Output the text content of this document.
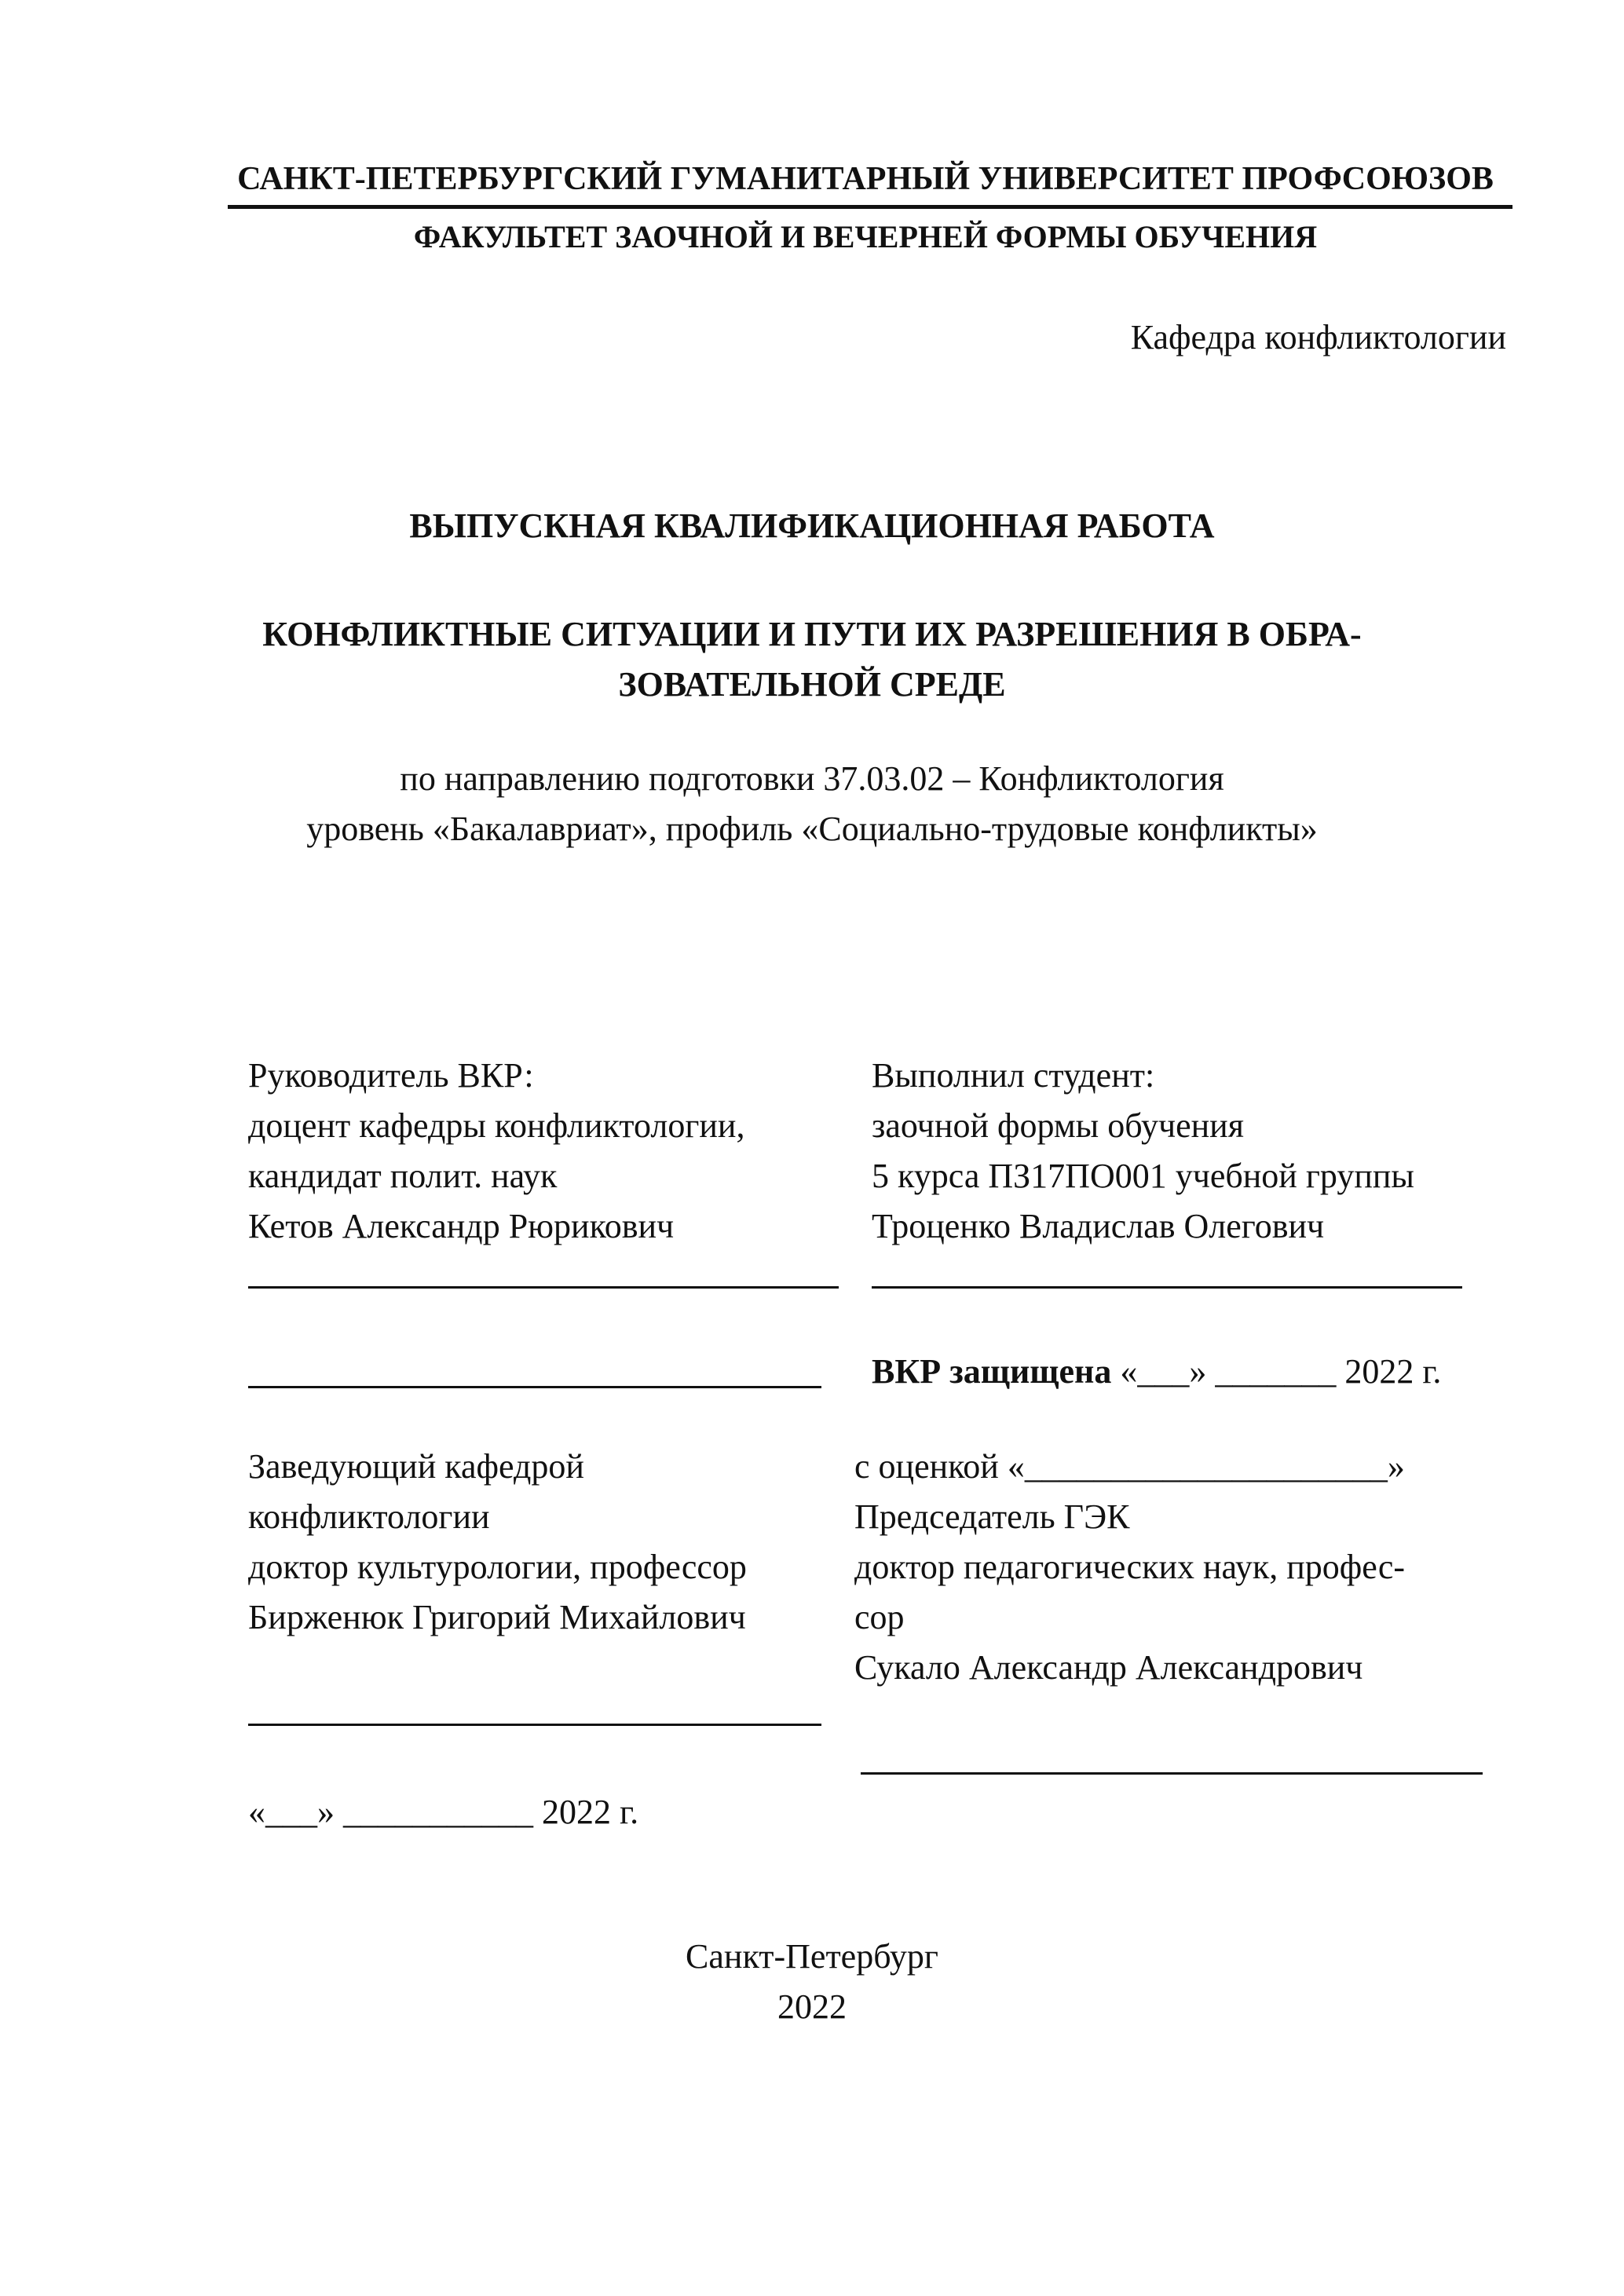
САНКТ-ПЕТЕРБУРГСКИЙ ГУМАНИТАРНЫЙ УНИВЕРСИТЕТ ПРОФСОЮЗОВ
ФАКУЛЬТЕТ ЗАОЧНОЙ И ВЕЧЕРНЕЙ ФОРМЫ ОБУЧЕНИЯ
Кафедра конфликтологии
ВЫПУСКНАЯ КВАЛИФИКАЦИОННАЯ РАБОТА
КОНФЛИКТНЫЕ СИТУАЦИИ И ПУТИ ИХ РАЗРЕШЕНИЯ В ОБРА-
ЗОВАТЕЛЬНОЙ СРЕДЕ
по направлению подготовки 37.03.02 – Конфликтология
уровень «Бакалавриат», профиль «Социально-трудовые конфликты»
Руководитель ВКР:
доцент кафедры конфликтологии,
кандидат полит. наук
Кетов Александр Рюрикович
Выполнил студент:
заочной формы обучения
5 курса ПЗ17ПО001 учебной группы
Троценко Владислав Олегович
ВКР защищена «___» _______ 2022 г.
Заведующий кафедрой
конфликтологии
доктор культурологии, профессор
Бирженюк Григорий Михайлович
«___» ___________ 2022 г.
с оценкой «_____________________»
Председатель ГЭК
доктор педагогических наук, профес-
сор
Сукало Александр Александрович
Санкт-Петербург
2022
